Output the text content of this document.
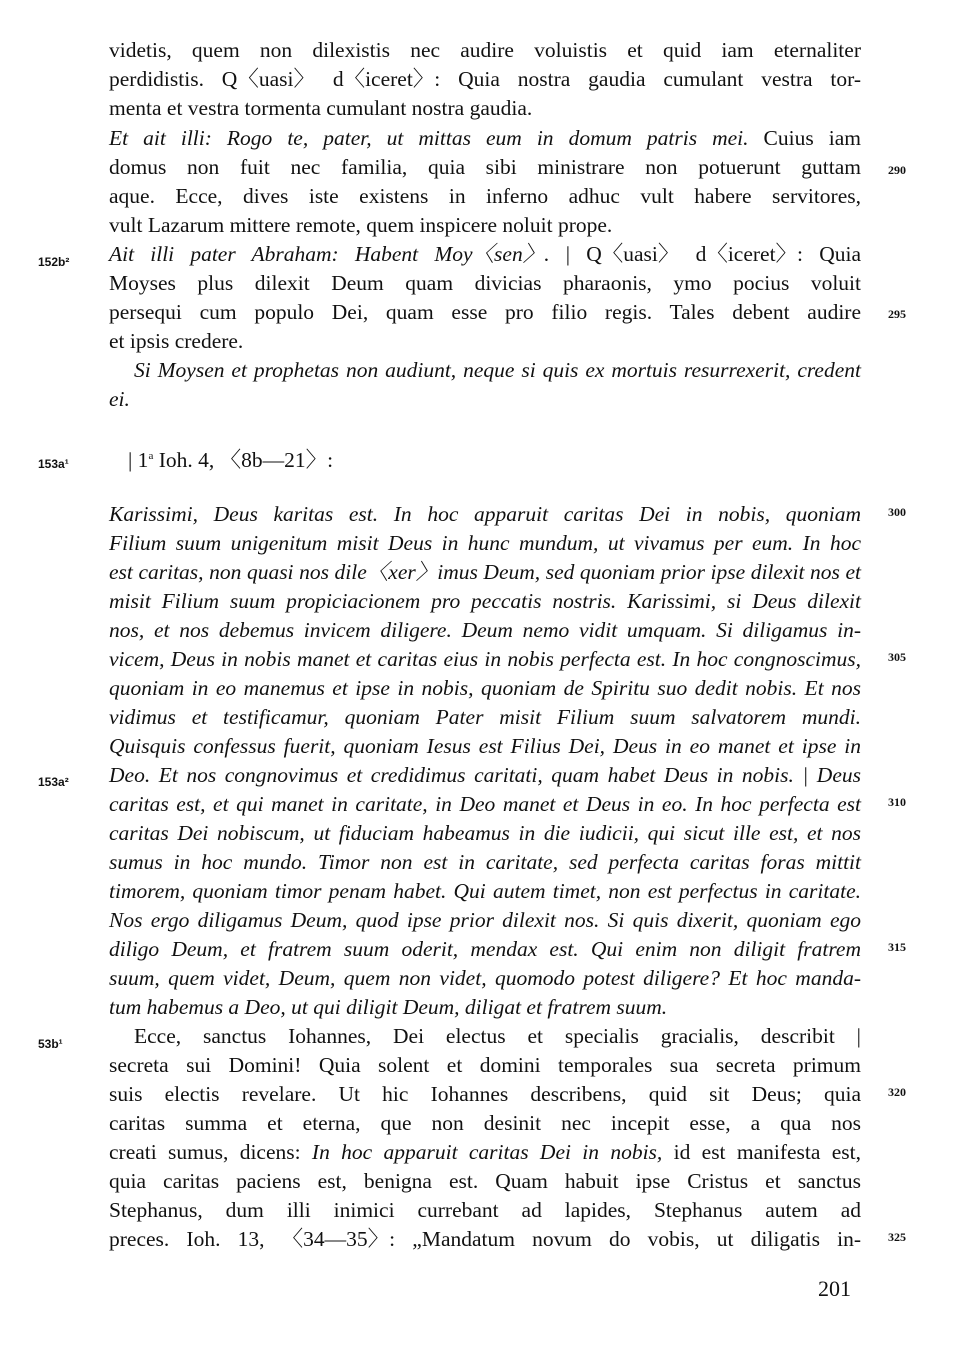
videtis, quem non dilexistis nec audire voluistis et quid iam eternaliter
perdidistis. Q〈uasi〉 d〈iceret〉: Quia nostra gaudia cumulant vestra tor-
menta et vestra tormenta cumulant nostra gaudia.
Et ait illi: Rogo te, pater, ut mittas eum in domum patris mei. Cuius iam
domus non fuit nec familia, quia sibi ministrare non potuerunt guttam
aque. Ecce, dives iste existens in inferno adhuc vult habere servitores,
vult Lazarum mittere remote, quem inspicere noluit prope.
Ait illi pater Abraham: Habent Moy〈sen〉. | Q〈uasi〉 d〈iceret〉: Quia
Moyses plus dilexit Deum quam divicias pharaonis, ymo pocius voluit
persequi cum populo Dei, quam esse pro filio regis. Tales debent audire
et ipsis credere.
Si Moysen et prophetas non audiunt, neque si quis ex mortuis resurrexerit, credent
ei.
| 1$^a$ Ioh. 4, 〈8b—21〉:
Karissimi, Deus karitas est. In hoc apparuit caritas Dei in nobis, quoniam
Filium suum unigenitum misit Deus in hunc mundum, ut vivamus per eum. In hoc
est caritas, non quasi nos dile〈xer〉imus Deum, sed quoniam prior ipse dilexit nos et
misit Filium suum propiciacionem pro peccatis nostris. Karissimi, si Deus dilexit
nos, et nos debemus invicem diligere. Deum nemo vidit umquam. Si diligamus in-
vicem, Deus in nobis manet et caritas eius in nobis perfecta est. In hoc congnoscimus,
quoniam in eo manemus et ipse in nobis, quoniam de Spiritu suo dedit nobis. Et nos
vidimus et testificamur, quoniam Pater misit Filium suum salvatorem mundi.
Quisquis confessus fuerit, quoniam Iesus est Filius Dei, Deus in eo manet et ipse in
Deo. Et nos congnovimus et credidimus caritati, quam habet Deus in nobis. | Deus
caritas est, et qui manet in caritate, in Deo manet et Deus in eo. In hoc perfecta est
caritas Dei nobiscum, ut fiduciam habeamus in die iudicii, qui sicut ille est, et nos
sumus in hoc mundo. Timor non est in caritate, sed perfecta caritas foras mittit
timorem, quoniam timor penam habet. Qui autem timet, non est perfectus in caritate.
Nos ergo diligamus Deum, quod ipse prior dilexit nos. Si quis dixerit, quoniam ego
diligo Deum, et fratrem suum oderit, mendax est. Qui enim non diligit fratrem
suum, quem videt, Deum, quem non videt, quomodo potest diligere? Et hoc manda-
tum habemus a Deo, ut qui diligit Deum, diligat et fratrem suum.
Ecce, sanctus Iohannes, Dei electus et specialis gracialis, describit |
secreta sui Domini! Quia solent et domini temporales sua secreta primum
suis electis revelare. Ut hic Iohannes describens, quid sit Deus; quia
caritas summa et eterna, que non desinit nec incepit esse, a qua nos
creati sumus, dicens: In hoc apparuit caritas Dei in nobis, id est manifesta est,
quia caritas paciens est, benigna est. Quam habuit ipse Cristus et sanctus
Stephanus, dum illi inimici currebant ad lapides, Stephanus autem ad
preces. Ioh. 13, 〈34—35〉: „Mandatum novum do vobis, ut diligatis in-
290
295
300
305
310
315
320
325
152b²
153a¹
153a²
53b¹
201
